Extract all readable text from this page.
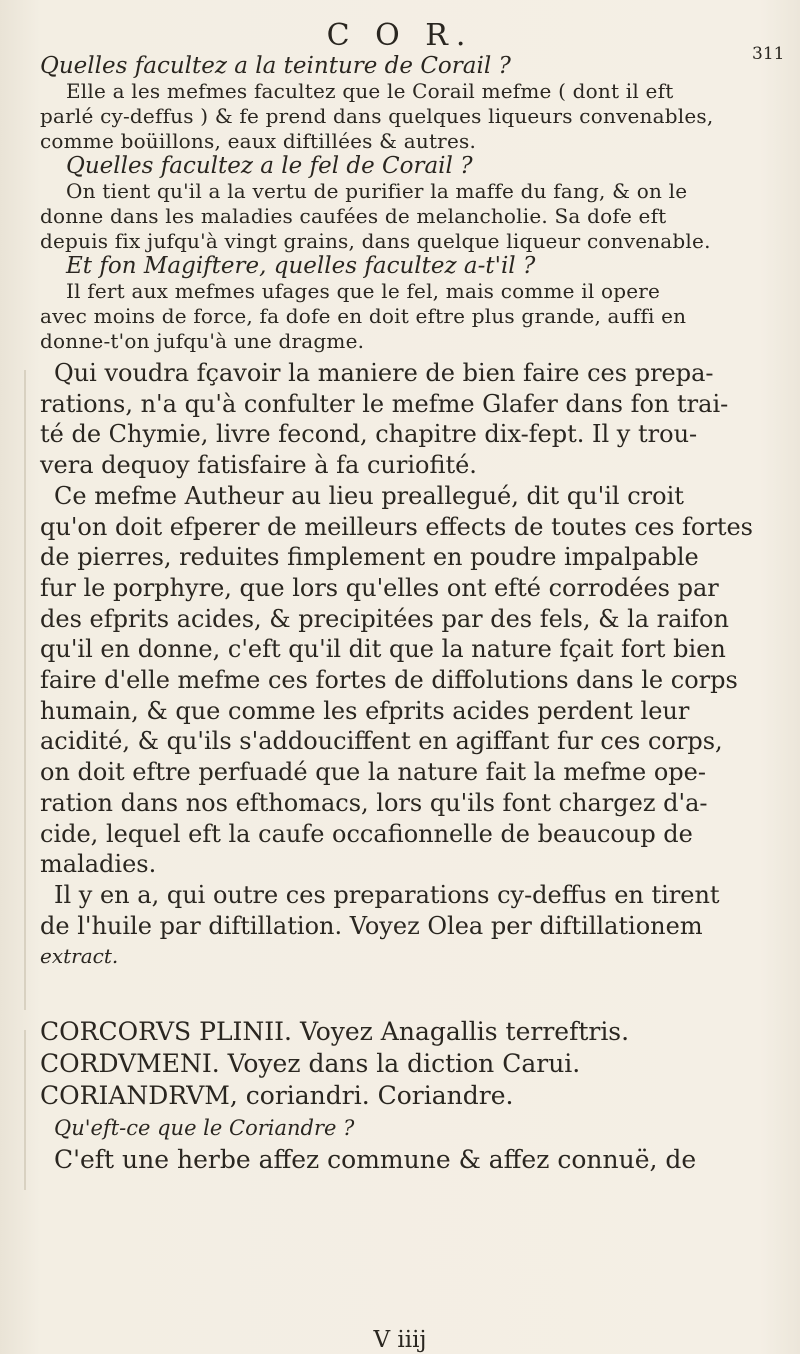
C O R.
311
Quelles facultez a la teinture de Corail ?
Elle a les mefmes facultez que le Corail mefme ( dont il eft
parlé cy-deffus ) & fe prend dans quelques liqueurs convenables,
comme boüillons, eaux diftillées & autres.
Quelles facultez a le fel de Corail ?
On tient qu'il a la vertu de purifier la maffe du fang, & on le
donne dans les maladies caufées de melancholie. Sa dofe eft
depuis fix jufqu'à vingt grains, dans quelque liqueur convenable.
Et fon Magiftere, quelles facultez a-t'il ?
Il fert aux mefmes ufages que le fel, mais comme il opere
avec moins de force, fa dofe en doit eftre plus grande, auffi en
donne-t'on jufqu'à une dragme.
Qui voudra fçavoir la maniere de bien faire ces prepa-
rations, n'a qu'à confulter le mefme Glafer dans fon trai-
té de Chymie, livre fecond, chapitre dix-fept. Il y trou-
vera dequoy fatisfaire à fa curiofité.
Ce mefme Autheur au lieu preallegué, dit qu'il croit
qu'on doit efperer de meilleurs effects de toutes ces fortes
de pierres, reduites fimplement en poudre impalpable
fur le porphyre, que lors qu'elles ont efté corrodées par
des efprits acides, & precipitées par des fels, & la raifon
qu'il en donne, c'eft qu'il dit que la nature fçait fort bien
faire d'elle mefme ces fortes de diffolutions dans le corps
humain, & que comme les efprits acides perdent leur
acidité, & qu'ils s'addouciffent en agiffant fur ces corps,
on doit eftre perfuadé que la nature fait la mefme ope-
ration dans nos efthomacs, lors qu'ils font chargez d'a-
cide, lequel eft la caufe occafionnelle de beaucoup de
maladies.
Il y en a, qui outre ces preparations cy-deffus en tirent
de l'huile par diftillation. Voyez Olea per diftillationem
extract.
CORCORVS PLINII. Voyez Anagallis terreftris.
CORDVMENI. Voyez dans la diction Carui.
CORIANDRVM, coriandri. Coriandre.
Qu'eft-ce que le Coriandre ?
C'eft une herbe affez commune & affez connuë, de
V iiij
